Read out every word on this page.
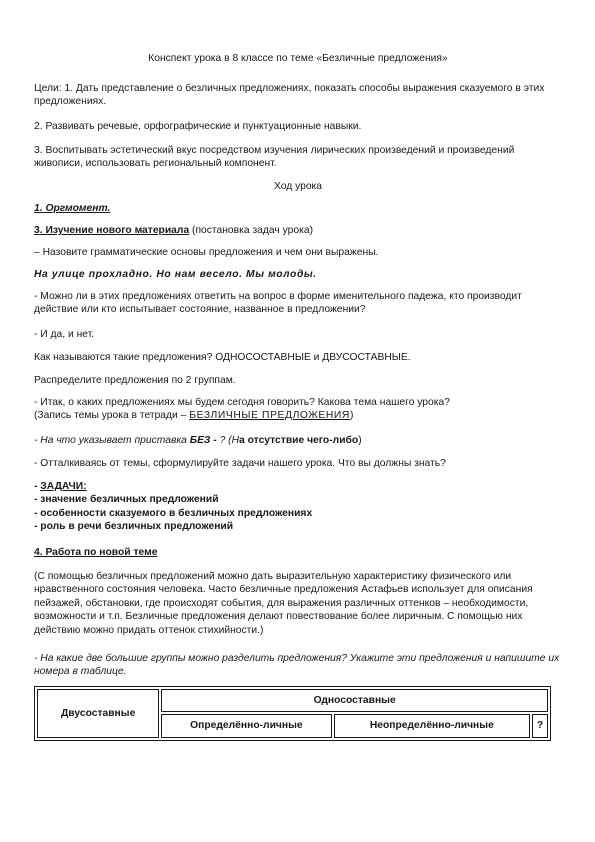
Конспект урока в 8 классе по теме «Безличные предложения»

Цели: 1. Дать представление о безличных предложениях, показать способы выражения сказуемого в этих предложениях.

2. Развивать речевые, орфографические и пунктуационные навыки.

3. Воспитывать эстетический вкус посредством изучения лирических произведений и произведений живописи, использовать региональный компонент.

Ход урока

1. Оргмомент.

3. Изучение нового материала (постановка задач урока)

– Назовите грамматические основы предложения и чем они выражены.

На улице прохладно. Но нам весело. Мы молоды.

- Можно ли в этих предложениях ответить на вопрос в форме именительного падежа, кто производит действие или кто испытывает состояние, названное в предложении?

- И да, и нет.

Как называются такие предложения? ОДНОСОСТАВНЫЕ и ДВУСОСТАВНЫЕ.

Распределите предложения по 2 группам.

- Итак, о каких предложениях мы будем сегодня говорить? Какова тема нашего урока?
(Запись темы урока в тетради – БЕЗЛИЧНЫЕ ПРЕДЛОЖЕНИЯ)

- На что указывает приставка БЕЗ - ? (На отсутствие чего-либо)

- Отталкиваясь от темы, сформулируйте задачи нашего урока. Что вы должны знать?

- ЗАДАЧИ:
- значение безличных предложений
- особенности сказуемого в безличных предложениях
- роль в речи безличных предложений

4. Работа по новой теме

(С помощью безличных предложений можно дать выразительную характеристику физического или нравственного состояния человека. Часто безличные предложения Астафьев использует для описания пейзажей, обстановки, где происходят события, для выражения различных оттенков – необходимости, возможности и т.п. Безличные предложения делают повествование более лиричным. С помощью них действию можно придать оттенок стихийности.)

- На какие две большие группы можно разделить предложения? Укажите эти предложения и напишите их номера в таблице.

Двусоставные	Односоставные		
	Определённо-личные	Неопределённо-личные	?
